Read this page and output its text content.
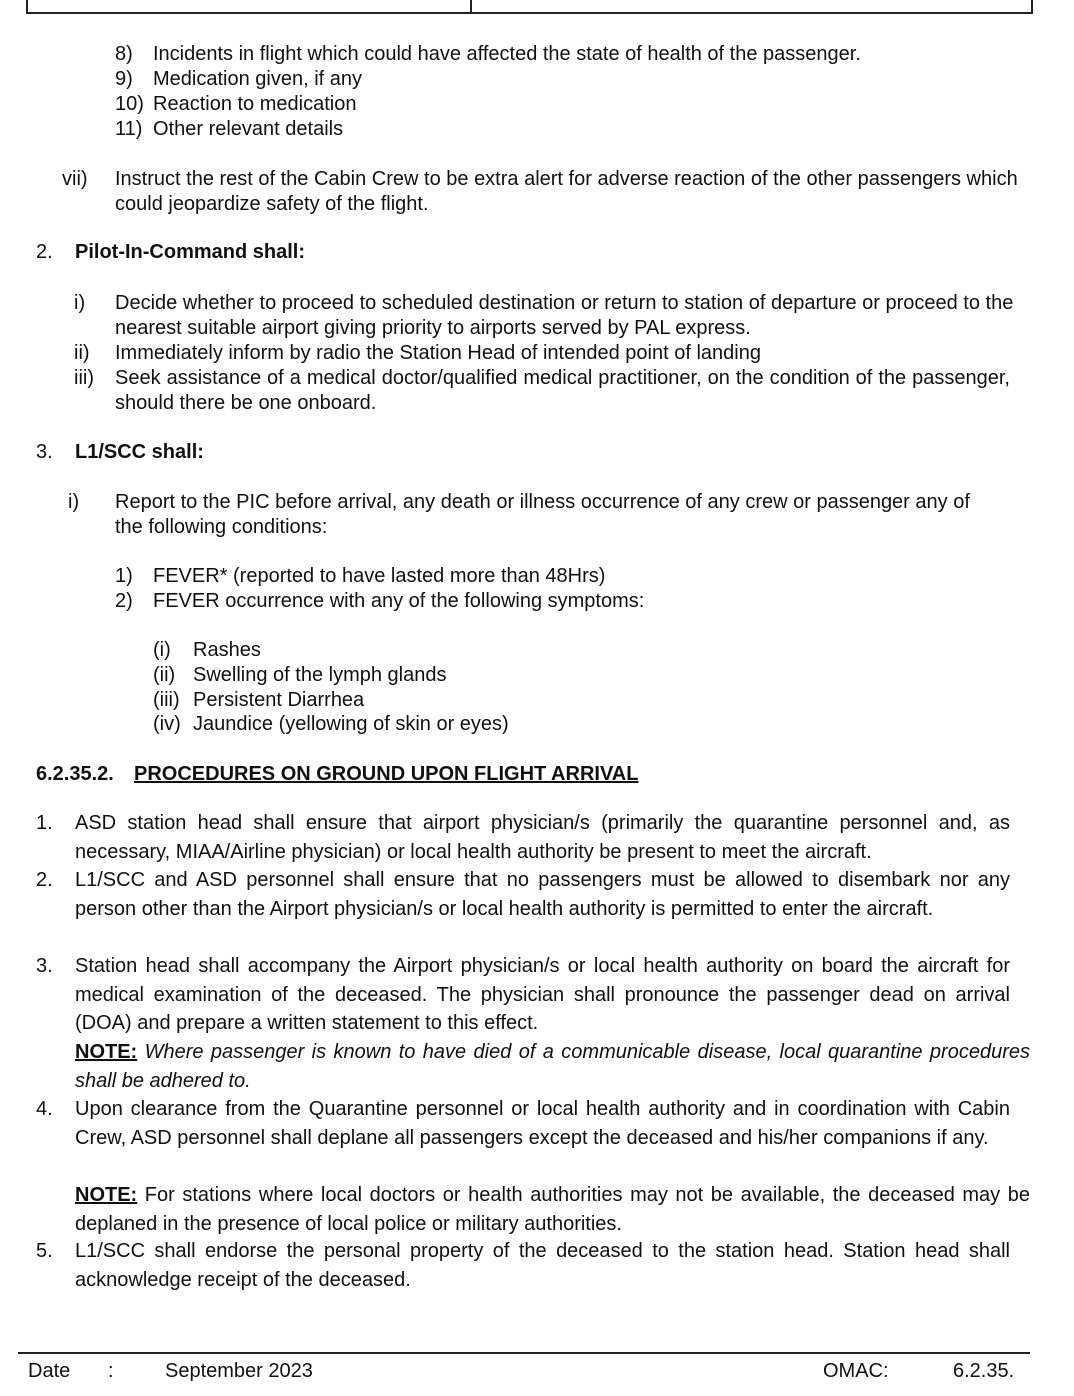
8) Incidents in flight which could have affected the state of health of the passenger.
9) Medication given, if any
10) Reaction to medication
11) Other relevant details
vii) Instruct the rest of the Cabin Crew to be extra alert for adverse reaction of the other passengers which could jeopardize safety of the flight.
2. Pilot-In-Command shall:
i) Decide whether to proceed to scheduled destination or return to station of departure or proceed to the nearest suitable airport giving priority to airports served by PAL express.
ii) Immediately inform by radio the Station Head of intended point of landing
iii) Seek assistance of a medical doctor/qualified medical practitioner, on the condition of the passenger, should there be one onboard.
3. L1/SCC shall:
i) Report to the PIC before arrival, any death or illness occurrence of any crew or passenger any of the following conditions:
1) FEVER* (reported to have lasted more than 48Hrs)
2) FEVER occurrence with any of the following symptoms:
(i) Rashes
(ii) Swelling of the lymph glands
(iii) Persistent Diarrhea
(iv) Jaundice (yellowing of skin or eyes)
6.2.35.2. PROCEDURES ON GROUND UPON FLIGHT ARRIVAL
1. ASD station head shall ensure that airport physician/s (primarily the quarantine personnel and, as necessary, MIAA/Airline physician) or local health authority be present to meet the aircraft.
2. L1/SCC and ASD personnel shall ensure that no passengers must be allowed to disembark nor any person other than the Airport physician/s or local health authority is permitted to enter the aircraft.
3. Station head shall accompany the Airport physician/s or local health authority on board the aircraft for medical examination of the deceased. The physician shall pronounce the passenger dead on arrival (DOA) and prepare a written statement to this effect.
NOTE: Where passenger is known to have died of a communicable disease, local quarantine procedures shall be adhered to.
4. Upon clearance from the Quarantine personnel or local health authority and in coordination with Cabin Crew, ASD personnel shall deplane all passengers except the deceased and his/her companions if any.
NOTE: For stations where local doctors or health authorities may not be available, the deceased may be deplaned in the presence of local police or military authorities.
5. L1/SCC shall endorse the personal property of the deceased to the station head. Station head shall acknowledge receipt of the deceased.
Date :	September 2023	OMAC:	6.2.35.
